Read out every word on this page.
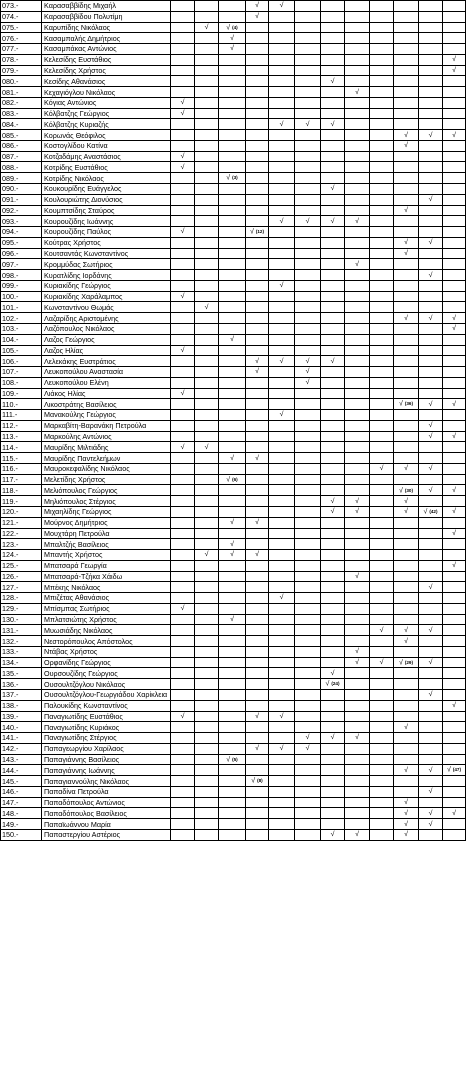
073.-	Καρασαββίδης Μιχαήλ				√	√							
074.-	Καρασαββίδου Πολυτίμη				√								
075.-	Καρυπίδης Νικόλαος		√	√ (4)									
076.-	Κασαμπαλής Δημήτριος			√									
077.-	Κασαμπάκας Αντώνιος			√									
078.-	Κελεσίδης Ευστάθιος												√
079.-	Κελεσίδης Χρήστος												√
080.-	Κεσίδης Αθανάσιος							√					
081.-	Κεχαγιόγλου Νικόλαος								√				
082.-	Κόγιας Αντώνιος	√											
083.-	Κόλβατζης Γεώργιος	√											
084.-	Κόλβατζης Κυριαζής					√	√	√					
085.-	Κορωνάς Θεόφιλος										√	√	√
086.-	Κοστογλίδου Κατίνα										√		
087.-	Κοτζαδάμης Αναστάσιος	√											
088.-	Κοτρίδης Ευστάθιος	√											
089.-	Κοτρίδης Νικόλαος			√ (3)									
090.-	Κουκουρίδης Ευάγγελος							√					
091.-	Κουλουριώτης Διονύσιος											√	
092.-	Κουμπτσίδης Σταύρος										√		
093.-	Κουρουζίδης Ιωάννης					√	√	√	√				
094.-	Κουρουζίδης Παύλος	√			√ (12)								
095.-	Κούτρας Χρήστος										√	√	
096.-	Κουτσαντάς Κωνσταντίνος										√		
097.-	Κρομμύδας Σωτήριος								√				
098.-	Κυρατλίδης Ιορδάνης											√	
099.-	Κυριακίδης Γεώργιος					√							
100.-	Κυριακίδης Χαράλαμπος	√											
101.-	Κωνσταντίνου Θωμάς		√										
102.-	Λαζαρίδης Αριστομένης										√	√	√
103.-	Λαζόπουλος Νικόλαος												√
104.-	Λαζος Γεώργιος			√									
105.-	Λαζος Ηλίας	√											
106.-	Λελεκάκης Ευστράτιος				√	√	√	√					
107.-	Λευκοπούλου Αναστασία				√		√						
108.-	Λευκοπούλου Ελένη						√						
109.-	Λιάκος Ηλίας	√											
110.-	Λικοστράτης Βασίλειος										√ (36)	√	√
111.-	Μανακούλης Γεώργιος					√							
112.-	Μαρκαβίτη-Βαρανάκη Πετρούλα											√	
113.-	Μαρκούλης Αντώνιος											√	√
114.-	Μαυρίδης Μιλτιάδης	√	√										
115.-	Μαυρίδης Παντελεήμων			√	√								
116.-	Μαυροκεφαλίδης Νικόλαος									√	√	√	
117.-	Μελετίδης Χρήστος			√ (6)									
118.-	Μελιόπουλος Γεώργιος										√ (30)	√	√
119.-	Μηλιόπουλος Στέργιος							√	√		√		
120.-	Μιχαηλίδης Γεώργιος							√	√		√	√ (42)	√
121.-	Μούρνος Δημήτριος			√	√								
122.-	Μουχτάρη Πετρούλα												√
123.-	Μπαλτζής Βασίλειος			√									
124.-	Μπαντής Χρήστος		√	√	√								
125.-	Μπατσαρά Γεωργία												√
126.-	Μπατσαρά-Τζήκα Χάιδω								√				
127.-	Μπέκης Νικόλαος											√	
128.-	Μπιζέτας Αθανάσιος					√							
129.-	Μπίσμπας Σωτήριος	√											
130.-	Μπλατσιώτης Χρήστος			√									
131.-	Μυωσιάδης Νικόλαος									√	√	√	
132.-	Νεστορόπουλος Απόστολος										√		
133.-	Ντάβας Χρήστος								√				
134.-	Ορφανίδης Γεώργιος								√	√	√ (29)	√	
135.-	Ουρσουζίδης Γεώργιος							√					
136.-	Ουσουλτζόγλου Νικόλαος							√ (24)					
137.-	Ουσουλτζόγλου-Γεωργιάδου Χαρίκλεια											√	
138.-	Παλουκίδης Κωνσταντίνος												√
139.-	Παναγιωτίδης Ευστάθιος	√			√	√							
140.-	Παναγιωτίδης Κυριάκος										√		
141.-	Παναγιωτίδης Στέργιος						√	√	√				
142.-	Παπαγεωργίου Χαρίλαος				√	√	√						
143.-	Παπαγιάννης Βασίλειος			√ (5)									
144.-	Παπαγιάννης Ιωάννης										√	√	√ (47)
145.-	Παπαγιαννούλης Νικόλαος				√ (8)								
146.-	Παπαδίνα Πετρούλα											√	
147.-	Παπαδόπουλος Αντώνιος										√		
148.-	Παπαδόπουλος Βασίλειος										√	√	√
149.-	Παπαϊωάννου Μαρία										√	√	
150.-	Παπαστεργίου Αστέριος							√	√		√		
